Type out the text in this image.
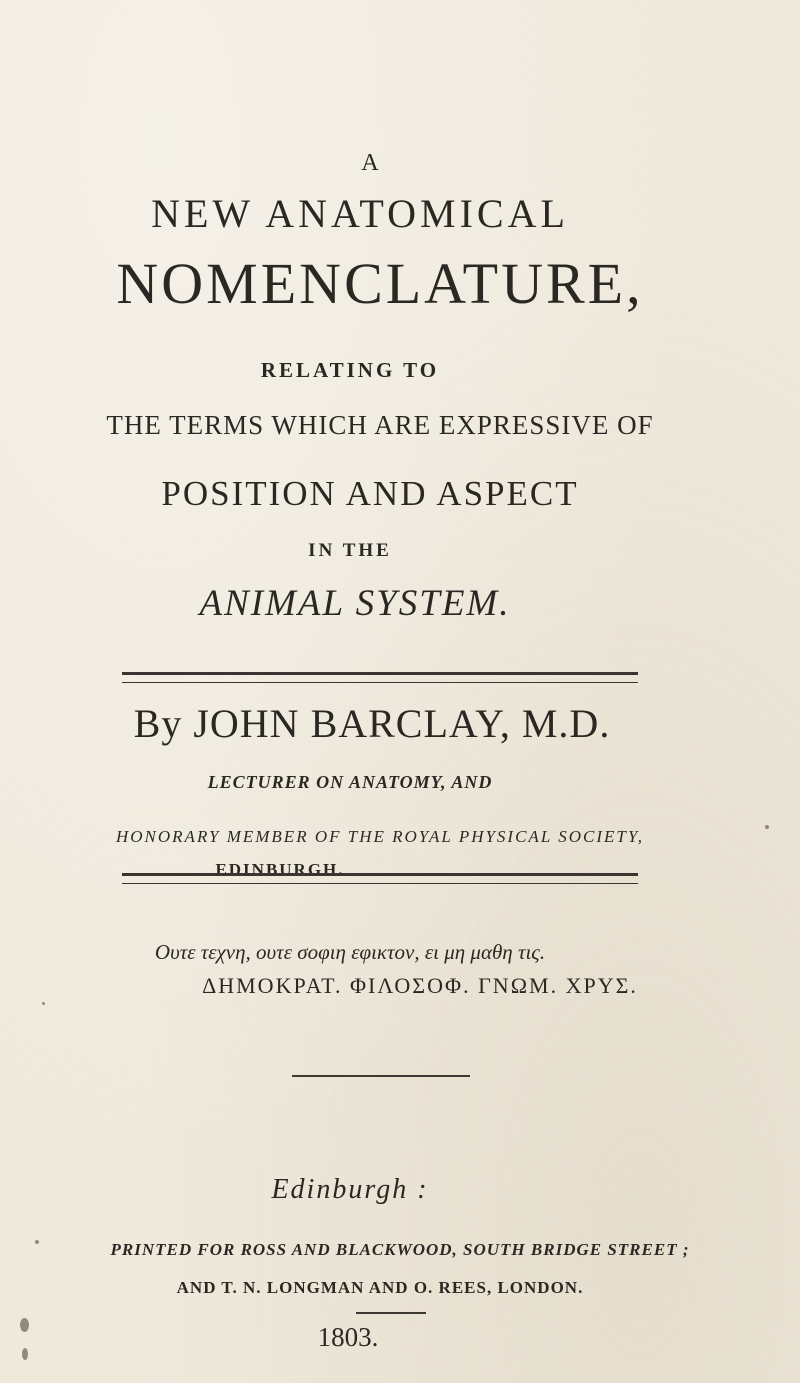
A
NEW ANATOMICAL
NOMENCLATURE,
RELATING TO
THE TERMS WHICH ARE EXPRESSIVE OF
POSITION AND ASPECT
IN THE
ANIMAL SYSTEM.
By JOHN BARCLAY, M.D.
LECTURER ON ANATOMY, AND
HONORARY MEMBER OF THE ROYAL PHYSICAL SOCIETY,
EDINBURGH.
Ουτε τεχνη, ουτε σοφιη εφικτον, ει μη μαθη τις.
ΔΗΜΟΚΡΑΤ. ΦΙΛΟΣΟΦ. ΓΝΩΜ. ΧΡΥΣ.
Edinburgh :
PRINTED FOR ROSS AND BLACKWOOD, SOUTH BRIDGE STREET ;
AND T. N. LONGMAN AND O. REES, LONDON.
1803.
